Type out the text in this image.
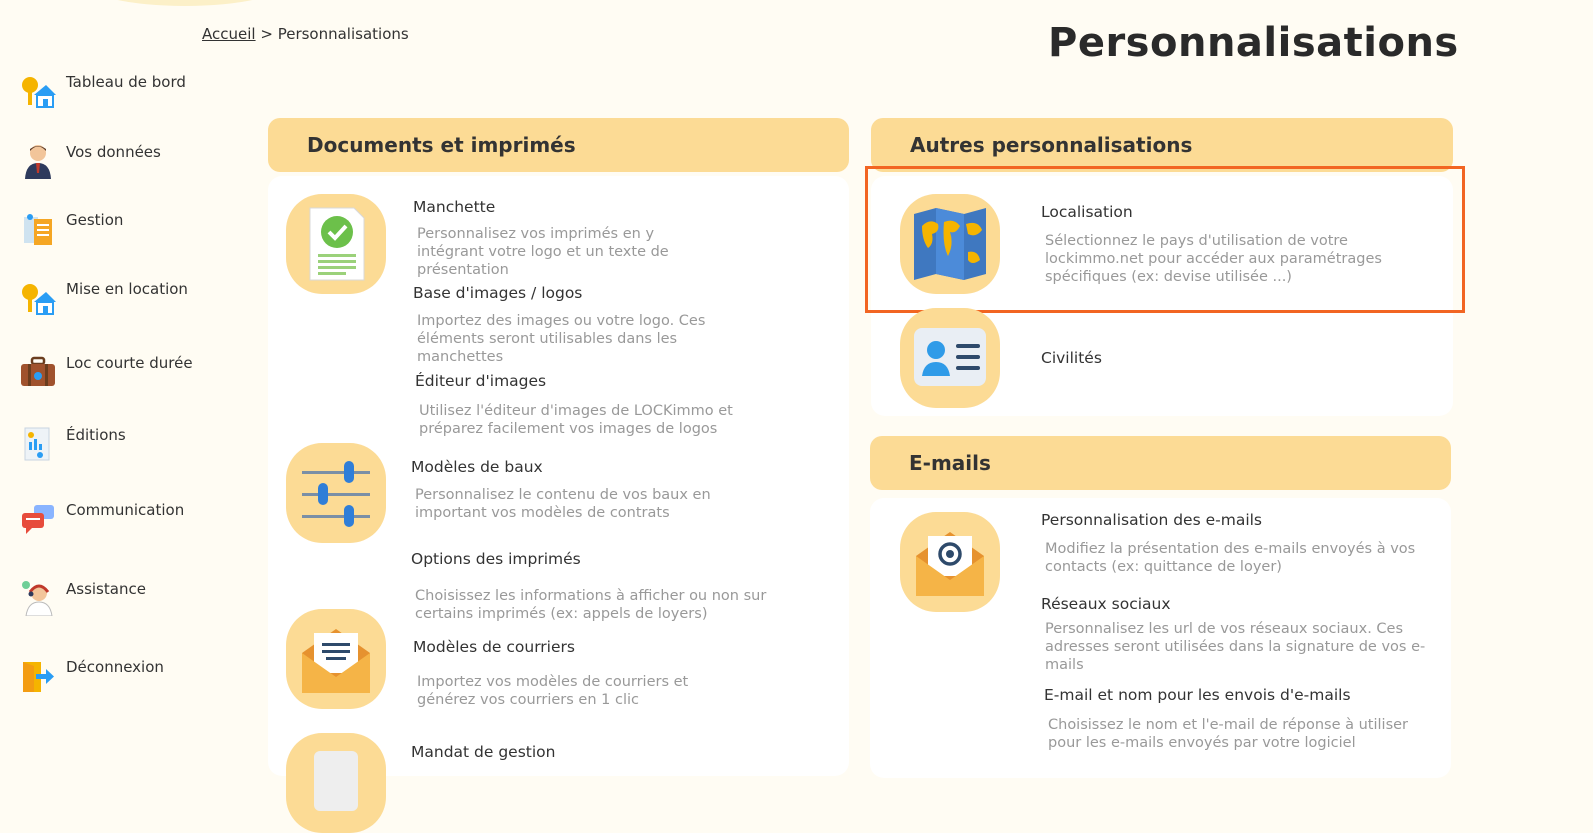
Accueil > Personnalisations	Personnalisations
Tableau de bord
Vos données
Gestion
Mise en location
Loc courte durée
Éditions
Communication
Assistance
Déconnexion
Documents et imprimés
Manchette
Personnalisez vos imprimés en y intégrant votre logo et un texte de présentation
Base d'images / logos
Importez des images ou votre logo. Ces éléments seront utilisables dans les manchettes
Éditeur d'images
Utilisez l'éditeur d'images de LOCKimmo et préparez facilement vos images de logos
Modèles de baux
Personnalisez le contenu de vos baux en important vos modèles de contrats
Options des imprimés
Choisissez les informations à afficher ou non sur certains imprimés (ex: appels de loyers)
Modèles de courriers
Importez vos modèles de courriers et générez vos courriers en 1 clic
Mandat de gestion
Autres personnalisations
Localisation
Sélectionnez le pays d'utilisation de votre lockimmo.net pour accéder aux paramétrages spécifiques (ex: devise utilisée ...)
Civilités
E-mails
Personnalisation des e-mails
Modifiez la présentation des e-mails envoyés à vos contacts (ex: quittance de loyer)
Réseaux sociaux
Personnalisez les url de vos réseaux sociaux. Ces adresses seront utilisées dans la signature de vos e-mails
E-mail et nom pour les envois d'e-mails
Choisissez le nom et l'e-mail de réponse à utiliser pour les e-mails envoyés par votre logiciel
